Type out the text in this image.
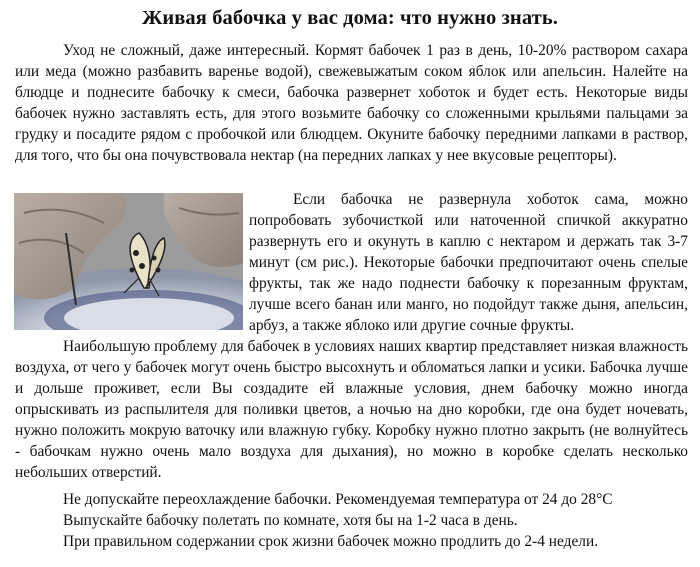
Живая бабочка у вас дома: что нужно знать.

Уход не сложный, даже интересный. Кормят бабочек 1 раз в день, 10-20% раствором сахара или меда (можно разбавить варенье водой), свежевыжатым соком яблок или апельсин. Налейте на блюдце и поднесите бабочку к смеси, бабочка развернет хоботок и будет есть. Некоторые виды бабочек нужно заставлять есть, для этого возьмите бабочку со сложенными крыльями пальцами за грудку и посадите рядом с пробочкой или блюдцем. Окуните бабочку передними лапками в раствор, для того, что бы она почувствовала нектар (на передних лапках у нее вкусовые рецепторы).

Если бабочка не развернула хоботок сама, можно попробовать зубочисткой или наточенной спичкой аккуратно развернуть его и окунуть в каплю с нектаром и держать так 3-7 минут (см рис.). Некоторые бабочки предпочитают очень спелые фрукты, так же надо поднести бабочку к порезанным фруктам, лучше всего банан или манго, но подойдут также дыня, апельсин, арбуз, а также яблоко или другие сочные фрукты.

Наибольшую проблему для бабочек в условиях наших квартир представляет низкая влажность воздуха, от чего у бабочек могут очень быстро высохнуть и обломаться лапки и усики. Бабочка лучше и дольше проживет, если Вы создадите ей влажные условия, днем бабочку можно иногда опрыскивать из распылителя для поливки цветов, а ночью на дно коробки, где она будет ночевать, нужно положить мокрую ваточку или влажную губку. Коробку нужно плотно закрыть (не волнуйтесь - бабочкам нужно очень мало воздуха для дыхания), но можно в коробке сделать несколько небольших отверстий.

Не допускайте переохлаждение бабочки. Рекомендуемая температура от 24 до 28°С

Выпускайте бабочку полетать по комнате, хотя бы на 1-2 часа в день.

При правильном содержании срок жизни бабочек можно продлить до 2-4 недели.
